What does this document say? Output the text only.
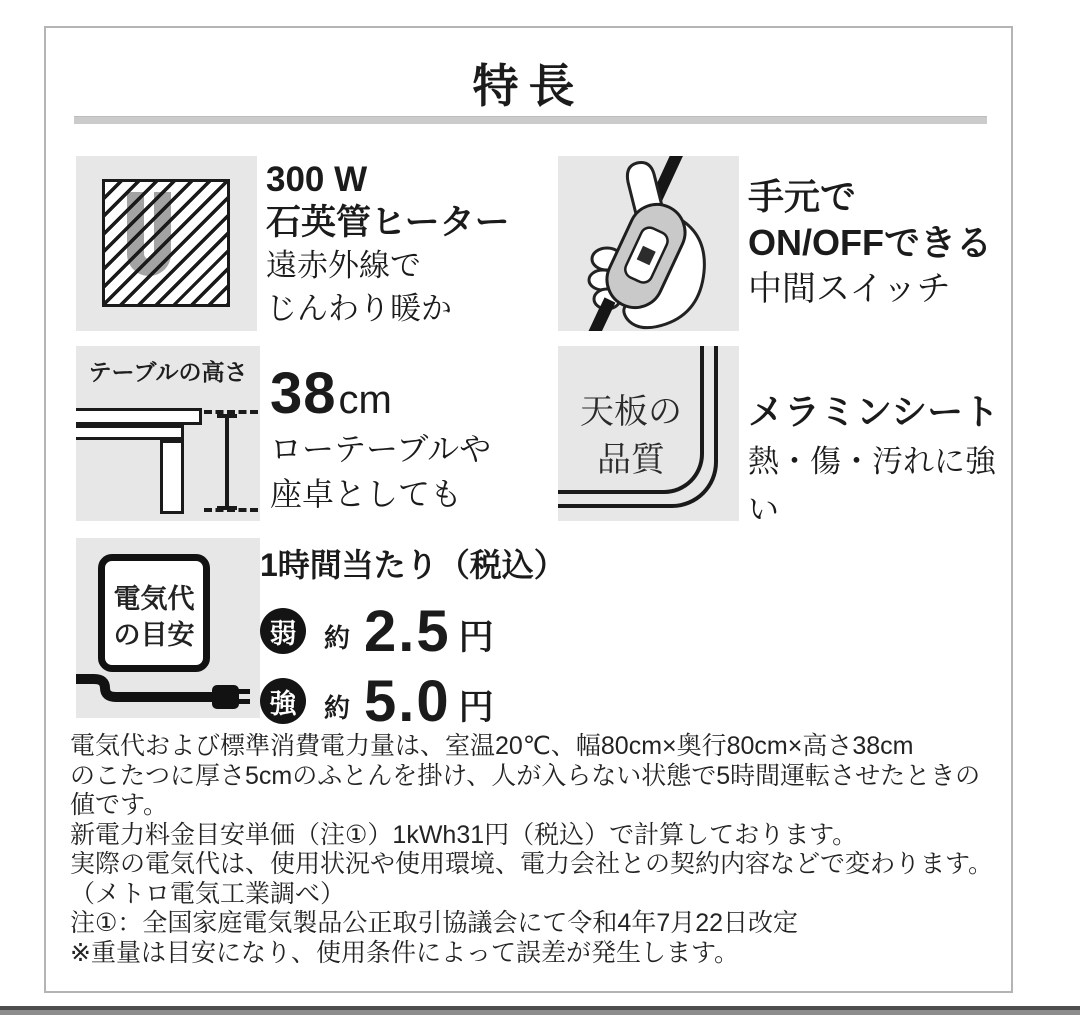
特長
300 W
石英管ヒーター
遠赤外線で
じんわり暖か
手元で
ON/OFFできる
中間スイッチ
テーブルの高さ 38 cm
ローテーブルや
座卓としても
天板の
品質
メラミンシート
熱・傷・汚れに強い
電気代
の目安
1時間当たり（税込）
弱	約 2.5 円
強	約 5.0 円
電気代および標準消費電力量は、室温20℃、幅80cm×奥行80cm×高さ38cm
のこたつに厚さ5cmのふとんを掛け、人が入らない状態で5時間運転させたときの
値です。
新電力料金目安単価（注①）1kWh31円（税込）で計算しております。
実際の電気代は、使用状況や使用環境、電力会社との契約内容などで変わります。
（メトロ電気工業調べ）
注①：全国家庭電気製品公正取引協議会にて令和4年7月22日改定
※重量は目安になり、使用条件によって誤差が発生します。
